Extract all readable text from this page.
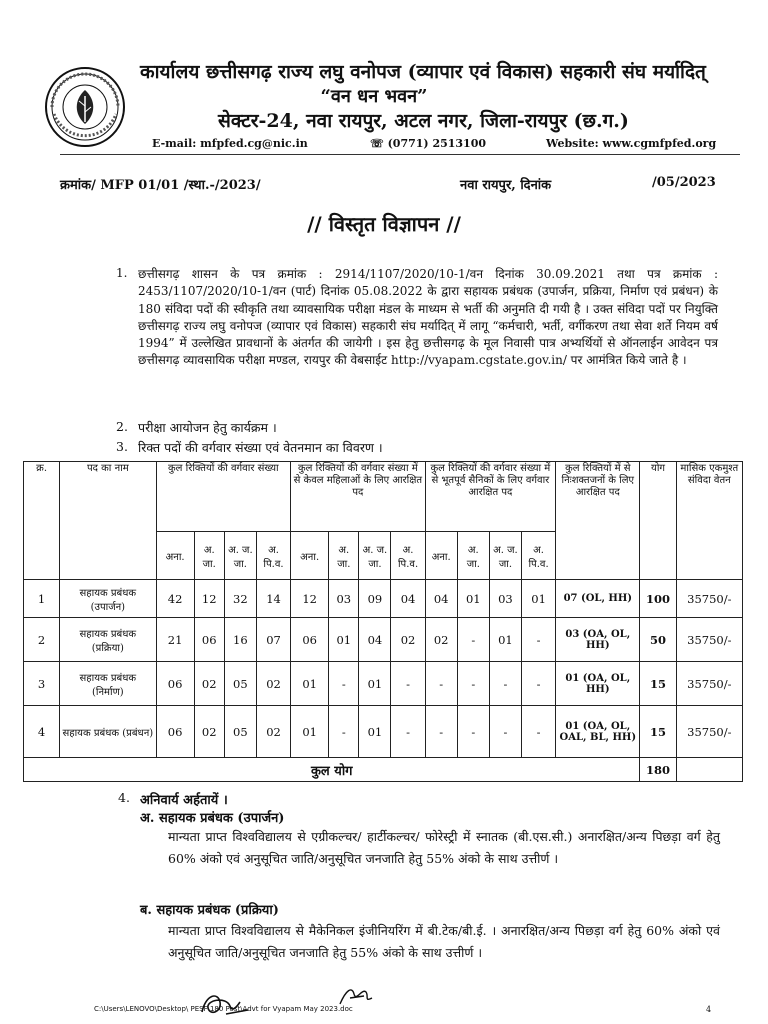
कार्यालय छत्तीसगढ़ राज्य लघु वनोपज (व्यापार एवं विकास) सहकारी संघ मर्यादित्
“वन धन भवन”
सेक्टर-24, नवा रायपुर, अटल नगर, जिला-रायपुर (छ.ग.)
E-mail: mfpfed.cg@nic.in	☏ (0771) 2513100	Website: www.cgmfpfed.org
क्रमांक/ MFP 01/01 /स्था.-/2023/	नवा रायपुर, दिनांक	/05/2023
// विस्तृत विज्ञापन //
1. छत्तीसगढ़ शासन के पत्र क्रमांक : 2914/1107/2020/10-1/वन दिनांक 30.09.2021 तथा पत्र क्रमांक : 2453/1107/2020/10-1/वन (पार्ट) दिनांक 05.08.2022 के द्वारा सहायक प्रबंधक (उपार्जन, प्रक्रिया, निर्माण एवं प्रबंधन) के 180 संविदा पदों की स्वीकृति तथा व्यावसायिक परीक्षा मंडल के माध्यम से भर्ती की अनुमति दी गयी है । उक्त संविदा पदों पर नियुक्ति छत्तीसगढ़ राज्य लघु वनोपज (व्यापार एवं विकास) सहकारी संघ मर्यादित् में लागू “कर्मचारी, भर्ती, वर्गीकरण तथा सेवा शर्ते नियम वर्ष 1994” में उल्लेखित प्रावधानों के अंतर्गत की जायेगी । इस हेतु छत्तीसगढ़ के मूल निवासी पात्र अभ्यर्थियों से ऑनलाईन आवेदन पत्र छत्तीसगढ़ व्यावसायिक परीक्षा मण्डल, रायपुर की वेबसाईट http://vyapam.cgstate.gov.in/ पर आमंत्रित किये जाते है ।
2. परीक्षा आयोजन हेतु कार्यक्रम ।
3. रिक्त पदों की वर्गवार संख्या एवं वेतनमान का विवरण ।
क्र.	पद का नाम	कुल रिक्तियों की वर्गवार संख्या				कुल रिक्तियों की वर्गवार संख्या में से केवल महिलाओं के लिए आरक्षित पद				कुल रिक्तियों की वर्गवार संख्या में से भूतपूर्व सैनिकों के लिए वर्गवार आरक्षित पद				कुल रिक्तियों में से निःशक्तजनों के लिए आरक्षित पद	योग	मासिक एकमुश्त संविदा वेतन
		अना.	अ. जा.	अ. ज. जा.	अ. पि.व.	अना.	अ. जा.	अ. ज. जा.	अ. पि.व.	अना.	अ. जा.	अ. ज. जा.	अ. पि.व.			
1	सहायक प्रबंधक (उपार्जन)	42	12	32	14	12	03	09	04	04	01	03	01	07 (OL, HH)	100	35750/-
2	सहायक प्रबंधक (प्रक्रिया)	21	06	16	07	06	01	04	02	02	-	01	-	03 (OA, OL, HH)	50	35750/-
3	सहायक प्रबंधक (निर्माण)	06	02	05	02	01	-	01	-	-	-	-	-	01 (OA, OL, HH)	15	35750/-
4	सहायक प्रबंधक (प्रबंधन)	06	02	05	02	01	-	01	-	-	-	-	-	01 (OA, OL, OAL, BL, HH)	15	35750/-
कुल योग															180	
4. अनिवार्य अर्हतायें ।
अ. सहायक प्रबंधक (उपार्जन)
मान्यता प्राप्त विश्वविद्यालय से एग्रीकल्चर/ हार्टीकल्चर/ फोरेस्ट्री में स्नातक (बी.एस.सी.) अनारक्षित/अन्य पिछड़ा वर्ग हेतु 60% अंको एवं अनुसूचित जाति/अनुसूचित जनजाति हेतु 55% अंको के साथ उत्तीर्ण ।
ब. सहायक प्रबंधक (प्रक्रिया)
मान्यता प्राप्त विश्वविद्यालय से मैकेनिकल इंजीनियरिंग में बी.टेक/बी.ई. । अनारक्षित/अन्य पिछड़ा वर्ग हेतु 60% अंको एवं अनुसूचित जाति/अनुसूचित जनजाति हेतु 55% अंको के साथ उत्तीर्ण ।
C:\Users\LENOVO\Desktop\ PESF\180 Post\Advt for Vyapam May 2023.doc	4
